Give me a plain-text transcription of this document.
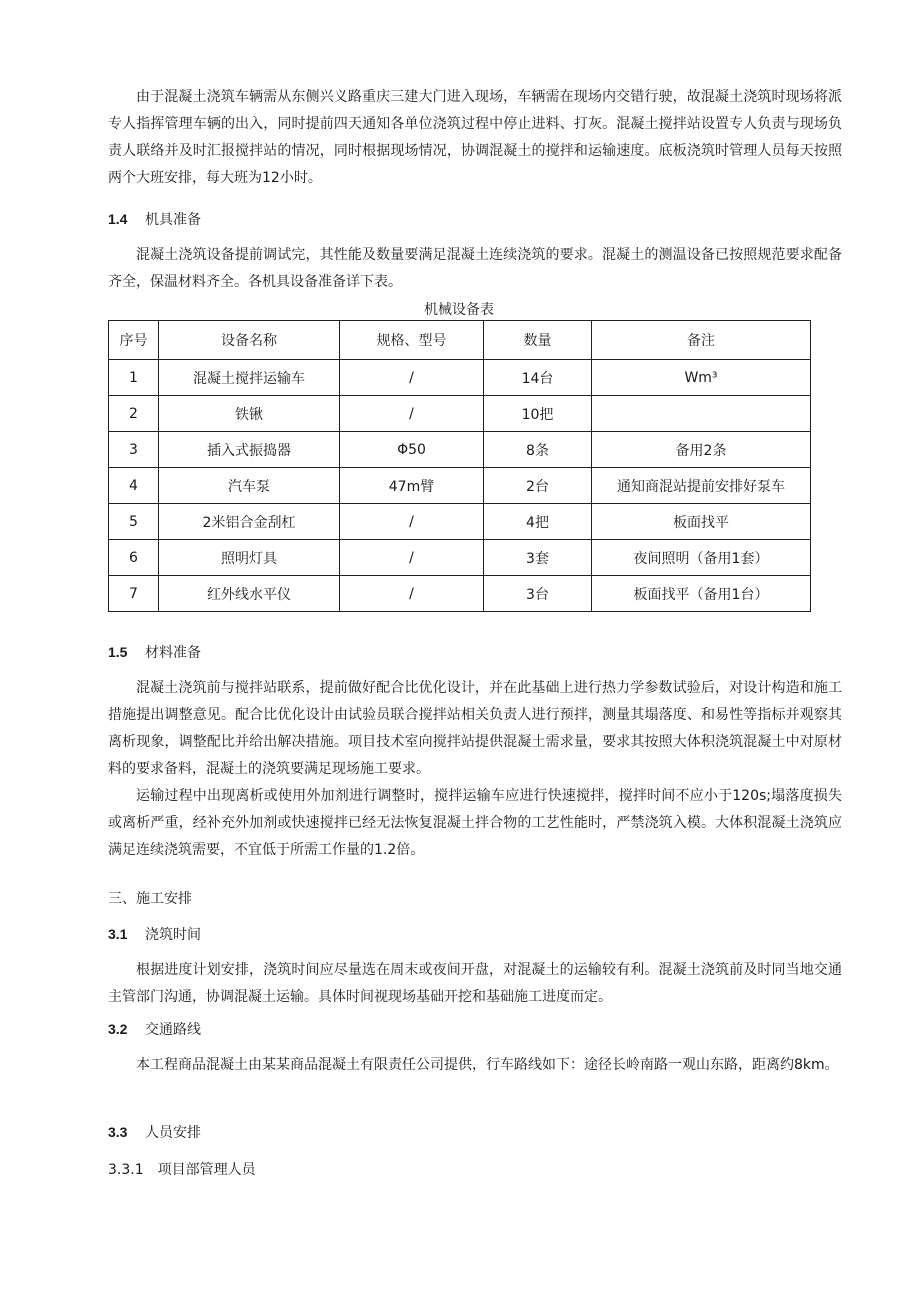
由于混凝土浇筑车辆需从东侧兴义路重庆三建大门进入现场，车辆需在现场内交错行驶，故混凝土浇筑时现场将派专人指挥管理车辆的出入，同时提前四天通知各单位浇筑过程中停止进料、打灰。混凝土搅拌站设置专人负责与现场负责人联络并及时汇报搅拌站的情况，同时根据现场情况，协调混凝土的搅拌和运输速度。底板浇筑时管理人员每天按照两个大班安排，每大班为12小时。

1.4 机具准备

混凝土浇筑设备提前调试完，其性能及数量要满足混凝土连续浇筑的要求。混凝土的测温设备已按照规范要求配备齐全，保温材料齐全。各机具设备准备详下表。

机械设备表
序号	设备名称	规格、型号	数量	备注
1	混凝土搅拌运输车	/	14台	Wm³
2	铁锹	/	10把	
3	插入式振捣器	Φ50	8条	备用2条
4	汽车泵	47m臂	2台	通知商混站提前安排好泵车
5	2米铝合金刮杠	/	4把	板面找平
6	照明灯具	/	3套	夜间照明（备用1套）
7	红外线水平仪	/	3台	板面找平（备用1台）

1.5 材料准备

混凝土浇筑前与搅拌站联系，提前做好配合比优化设计，并在此基础上进行热力学参数试验后，对设计构造和施工措施提出调整意见。配合比优化设计由试验员联合搅拌站相关负责人进行预拌，测量其塌落度、和易性等指标并观察其离析现象，调整配比并给出解决措施。项目技术室向搅拌站提供混凝土需求量，要求其按照大体积浇筑混凝土中对原材料的要求备料，混凝土的浇筑要满足现场施工要求。

运输过程中出现离析或使用外加剂进行调整时，搅拌运输车应进行快速搅拌，搅拌时间不应小于120s;塌落度损失或离析严重，经补充外加剂或快速搅拌已经无法恢复混凝土拌合物的工艺性能时，严禁浇筑入模。大体积混凝土浇筑应满足连续浇筑需要，不宜低于所需工作量的1.2倍。

三、施工安排

3.1 浇筑时间

根据进度计划安排，浇筑时间应尽量选在周末或夜间开盘，对混凝土的运输较有利。混凝土浇筑前及时同当地交通主管部门沟通，协调混凝土运输。具体时间视现场基础开挖和基础施工进度而定。

3.2 交通路线

本工程商品混凝土由某某商品混凝土有限责任公司提供，行车路线如下：途径长岭南路一观山东路，距离约8km。

3.3 人员安排

3.3.1　项目部管理人员
